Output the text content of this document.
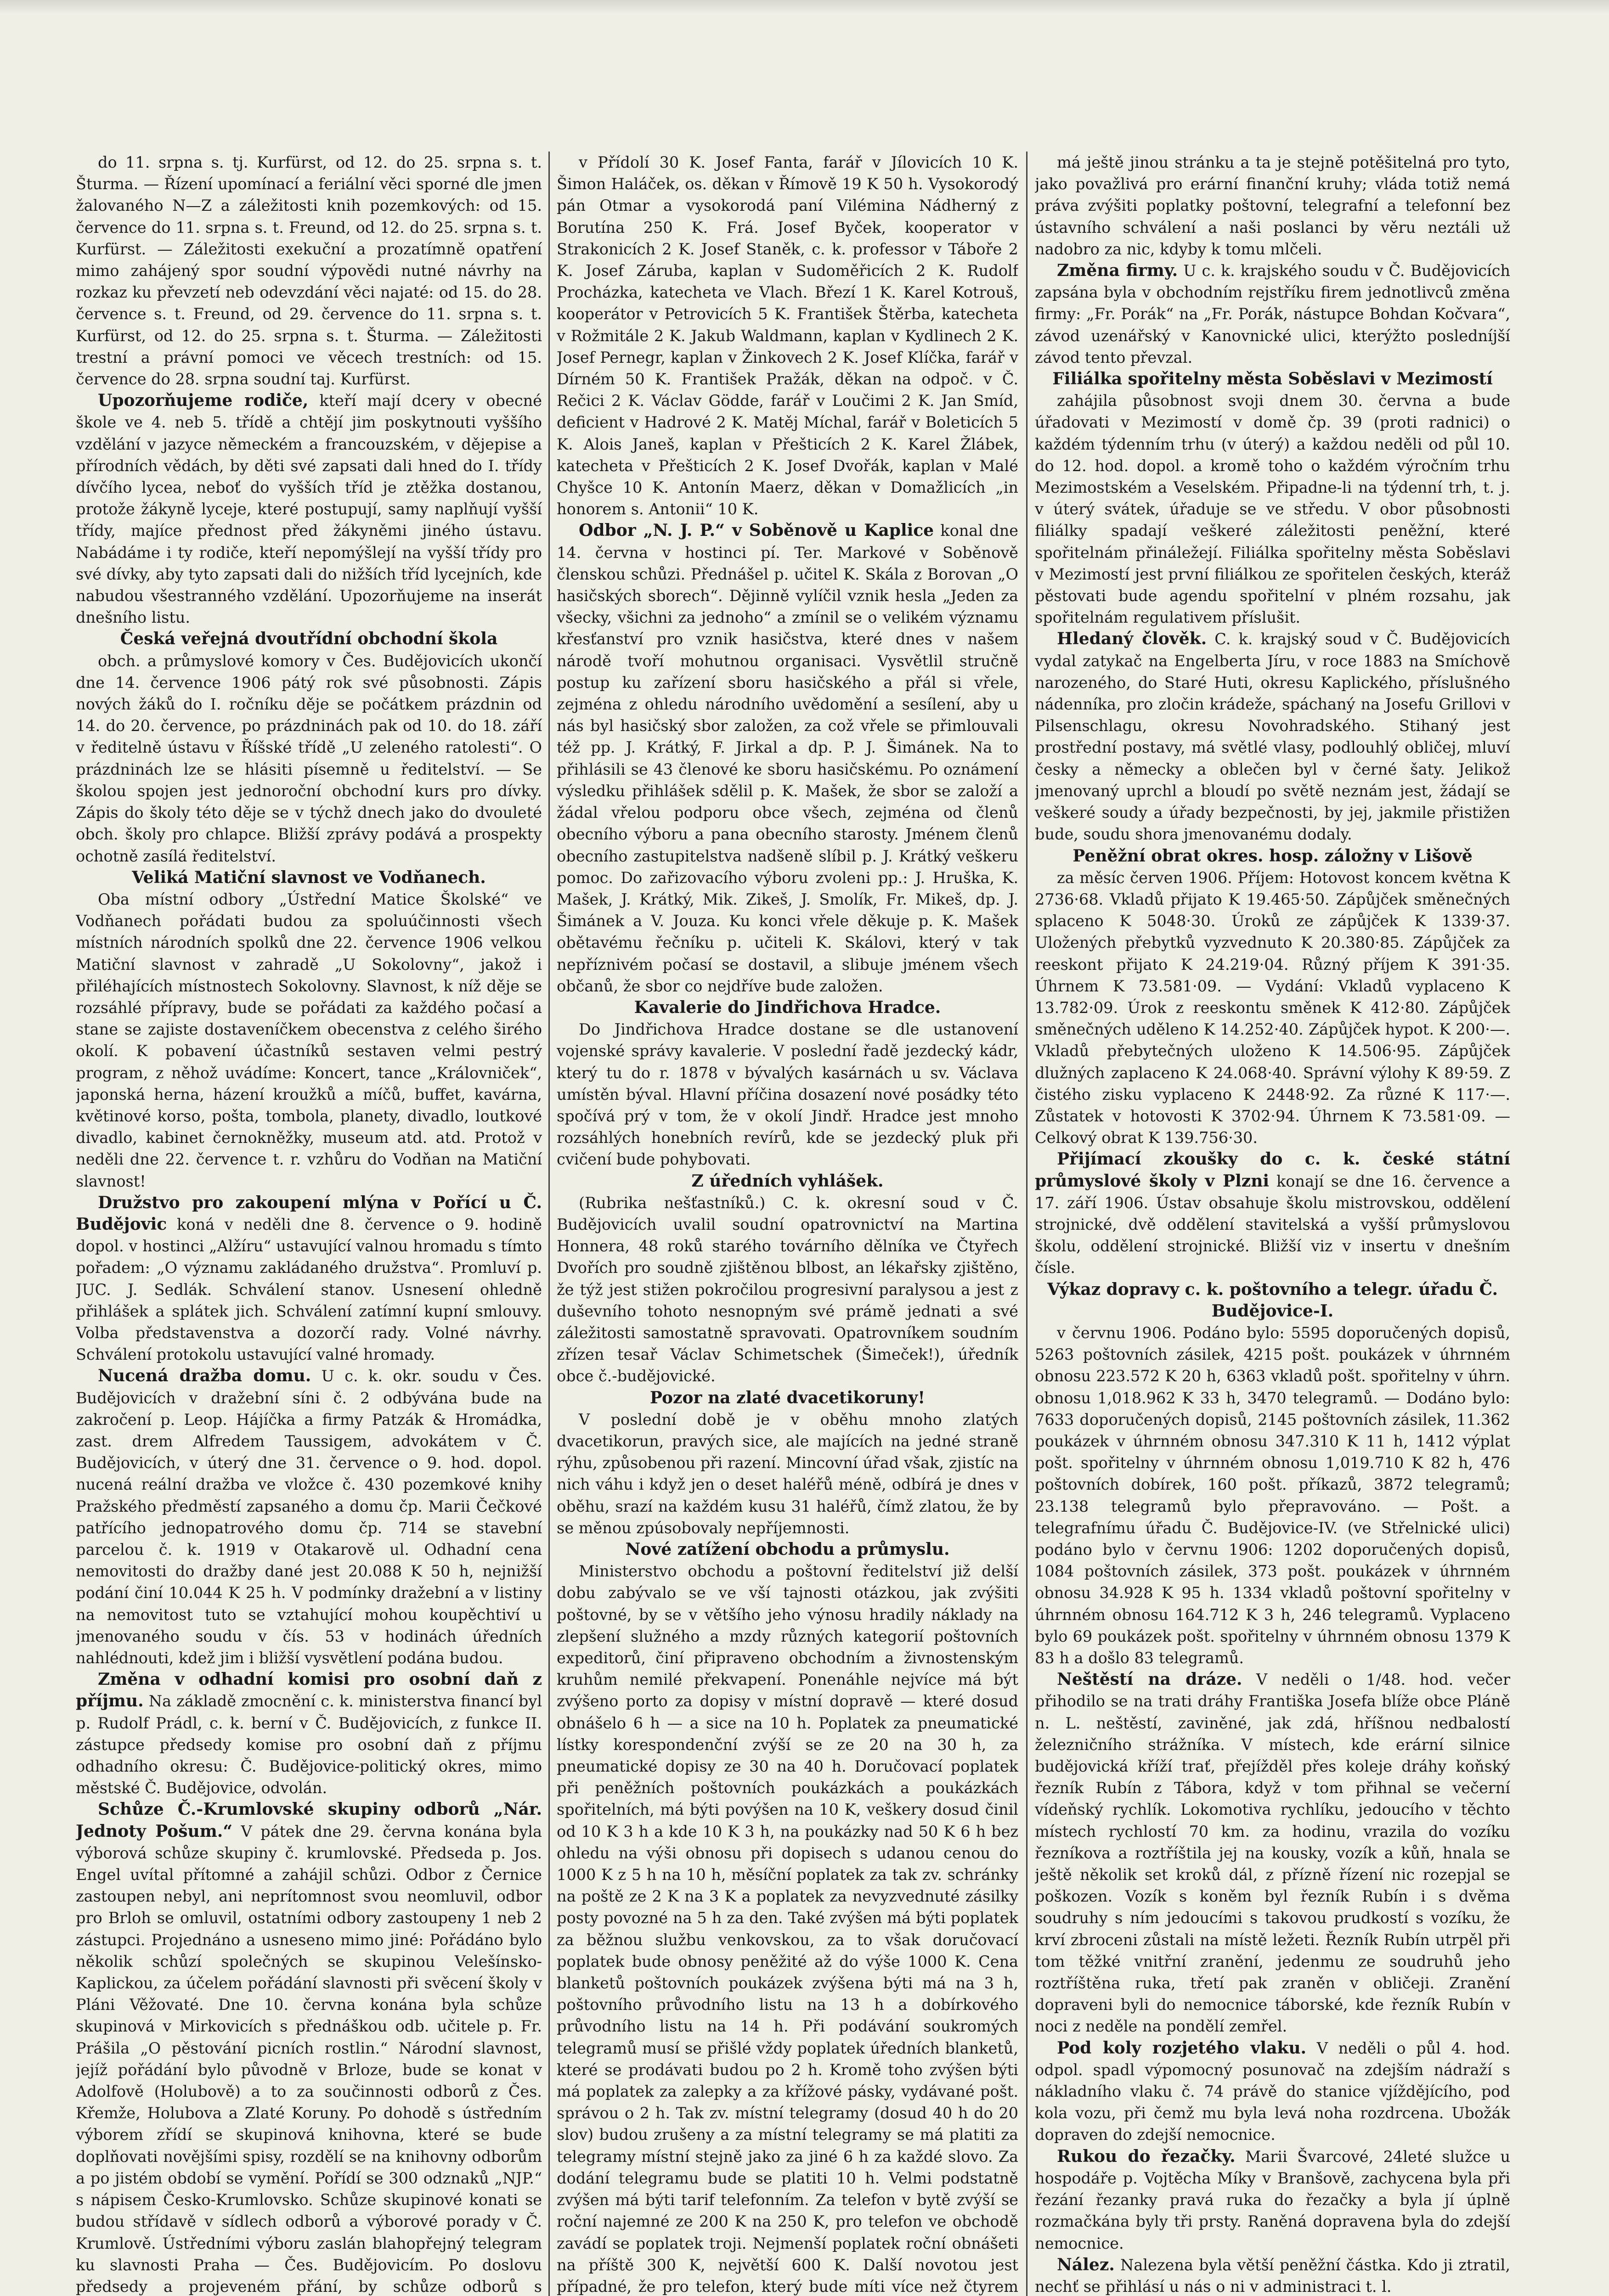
do 11. srpna s. tj. Kurfürst, od 12. do 25. srpna s. t. Šturma. — Řízení upomínací a feriální věci sporné dle jmen žalovaného N—Z a záležitosti knih pozemkových: od 15. července do 11. srpna s. t. Freund, od 12. do 25. srpna s. t. Kurfürst. — Záležitosti exekuční a prozatímně opatření mimo zahájený spor soudní výpovědi nutné návrhy na rozkaz ku převzetí neb odevzdání věci najaté: od 15. do 28. července s. t. Freund, od 29. července do 11. srpna s. t. Kurfürst, od 12. do 25. srpna s. t. Šturma. — Záležitosti trestní a právní pomoci ve věcech trestních: od 15. července do 28. srpna soudní taj. Kurfürst.

Upozorňujeme rodiče, kteří mají dcery v obecné škole ve 4. neb 5. třídě a chtějí jim poskytnouti vyššího vzdělání v jazyce německém a francouzském, v dějepise a přírodních vědách, by děti své zapsati dali hned do I. třídy dívčího lycea, neboť do vyšších tříd je ztěžka dostanou, protože žákyně lyceje, které postupují, samy naplňují vyšší třídy, majíce přednost před žákyněmi jiného ústavu. Nabádáme i ty rodiče, kteří nepomýšlejí na vyšší třídy pro své dívky, aby tyto zapsati dali do nižších tříd lycejních, kde nabudou všestranného vzdělání. Upozorňujeme na inserát dnešního listu.

Česká veřejná dvoutřídní obchodní škola

obch. a průmyslové komory v Čes. Budějovicích ukončí dne 14. července 1906 pátý rok své působnosti. Zápis nových žáků do I. ročníku děje se počátkem prázdnin od 14. do 20. července, po prázdninách pak od 10. do 18. září v ředitelně ústavu v Říšské třídě „U zeleného ratolesti“. O prázdninách lze se hlásiti písemně u ředitelství. — Se školou spojen jest jednoroční obchodní kurs pro dívky. Zápis do školy této děje se v týchž dnech jako do dvouleté obch. školy pro chlapce. Bližší zprávy podává a prospekty ochotně zasílá ředitelství.

Veliká Matiční slavnost ve Vodňanech.

Oba místní odbory „Ústřední Matice Školské“ ve Vodňanech pořádati budou za spoluúčinnosti všech místních národních spolků dne 22. července 1906 velkou Matiční slavnost v zahradě „U Sokolovny“, jakož i přiléhajících místnostech Sokolovny. Slavnost, k níž děje se rozsáhlé přípravy, bude se pořádati za každého počasí a stane se zajiste dostaveníčkem obecenstva z celého širého okolí. K pobavení účastníků sestaven velmi pestrý program, z něhož uvádíme: Koncert, tance „Královniček“, japonská herna, házení kroužků a míčů, buffet, kavárna, květinové korso, pošta, tombola, planety, divadlo, loutkové divadlo, kabinet černokněžky, museum atd. atd. Protož v neděli dne 22. července t. r. vzhůru do Vodňan na Matiční slavnost!

Družstvo pro zakoupení mlýna v Pořící u Č. Budějovic koná v neděli dne 8. července o 9. hodině dopol. v hostinci „Alžíru“ ustavující valnou hromadu s tímto pořadem: „O významu zakládaného družstva“. Promluví p. JUC. J. Sedlák. Schválení stanov. Usnesení ohledně přihlášek a splátek jich. Schválení zatímní kupní smlouvy. Volba představenstva a dozorčí rady. Volné návrhy. Schválení protokolu ustavující valné hromady.

Nucená dražba domu. U c. k. okr. soudu v Čes. Budějovicích v dražební síni č. 2 odbývána bude na zakročení p. Leop. Hájíčka a firmy Patzák & Hromádka, zast. drem Alfredem Taussigem, advokátem v Č. Budějovicích, v úterý dne 31. července o 9. hod. dopol. nucená reální dražba ve vložce č. 430 pozemkové knihy Pražského předměstí zapsaného a domu čp. Marii Čečkové patřícího jednopatrového domu čp. 714 se stavební parcelou č. k. 1919 v Otakarově ul. Odhadní cena nemovitosti do dražby dané jest 20.088 K 50 h, nejnižší podání činí 10.044 K 25 h. V podmínky dražební a v listiny na nemovitost tuto se vztahující mohou koupěchtiví u jmenovaného soudu v čís. 53 v hodinách úředních nahlédnouti, kdež jim i bližší vysvětlení podána budou.

Změna v odhadní komisi pro osobní daň z příjmu. Na základě zmocnění c. k. ministerstva financí byl p. Rudolf Prádl, c. k. berní v Č. Budějovicích, z funkce II. zástupce předsedy komise pro osobní daň z příjmu odhadního okresu: Č. Budějovice-politický okres, mimo městské Č. Budějovice, odvolán.

Schůze Č.-Krumlovské skupiny odborů „Nár. Jednoty Pošum.“ V pátek dne 29. června konána byla výborová schůze skupiny č. krumlovské. Předseda p. Jos. Engel uvítal přítomné a zahájil schůzi. Odbor z Černice zastoupen nebyl, ani neprítomnost svou neomluvil, odbor pro Brloh se omluvil, ostatními odbory zastoupeny 1 neb 2 zástupci. Projednáno a usneseno mimo jiné: Pořádáno bylo několik schůzí společných se skupinou Velešínsko-Kaplickou, za účelem pořádání slavnosti při svěcení školy v Pláni Věžovaté. Dne 10. června konána byla schůze skupinová v Mirkovicích s přednáškou odb. učitele p. Fr. Prášila „O pěstování picních rostlin.“ Národní slavnost, jejíž pořádání bylo původně v Brloze, bude se konat v Adolfově (Holubově) a to za součinnosti odborů z Čes. Křemže, Holubova a Zlaté Koruny. Po dohodě s ústředním výborem zřídí se skupinová knihovna, které se bude doplňovati novějšími spisy, rozdělí se na knihovny odborům a po jistém období se vymění. Pořídí se 300 odznaků „NJP.“ s nápisem Česko-Krumlovsko. Schůze skupinové konati se budou střídavě v sídlech odborů a výborové porady v Č. Krumlově. Ústředními výboru zaslán blahopřejný telegram ku slavnosti Praha — Čes. Budějovicím. Po doslovu předsedy a projeveném přání, by schůze odborů s

v Přídolí 30 K. Josef Fanta, farář v Jílovicích 10 K. Šimon Haláček, os. děkan v Římově 19 K 50 h. Vysokorodý pán Otmar a vysokorodá paní Vilémina Nádherný z Borutína 250 K. Frá. Josef Byček, kooperator v Strakonicích 2 K. Josef Staněk, c. k. professor v Táboře 2 K. Josef Záruba, kaplan v Sudoměřicích 2 K. Rudolf Procházka, katecheta ve Vlach. Březí 1 K. Karel Kotrouš, kooperátor v Petrovicích 5 K. František Štěrba, katecheta v Rožmitále 2 K. Jakub Waldmann, kaplan v Kydlinech 2 K. Josef Pernegr, kaplan v Žinkovech 2 K. Josef Klíčka, farář v Dírném 50 K. František Pražák, děkan na odpoč. v Č. Rečici 2 K. Václav Gödde, farář v Loučimi 2 K. Jan Smíd, deficient v Hadrové 2 K. Matěj Míchal, farář v Boleticích 5 K. Alois Janeš, kaplan v Přešticích 2 K. Karel Žlábek, katecheta v Přešticích 2 K. Josef Dvořák, kaplan v Malé Chyšce 10 K. Antonín Maerz, děkan v Domažlicích „in honorem s. Antonii“ 10 K.

Odbor „N. J. P.“ v Soběnově u Kaplice konal dne 14. června v hostinci pí. Ter. Markové v Soběnově členskou schůzi. Přednášel p. učitel K. Skála z Borovan „O hasičských sborech“. Dějinně vylíčil vznik hesla „Jeden za všecky, všichni za jednoho“ a zmínil se o velikém významu křesťanství pro vznik hasičstva, které dnes v našem národě tvoří mohutnou organisaci. Vysvětlil stručně postup ku zařízení sboru hasičského a přál si vřele, zejména z ohledu národního uvědomění a sesílení, aby u nás byl hasičský sbor založen, za což vřele se přimlouvali též pp. J. Krátký, F. Jirkal a dp. P. J. Šimánek. Na to přihlásili se 43 členové ke sboru hasičskému. Po oznámení výsledku přihlášek sdělil p. K. Mašek, že sbor se založí a žádal vřelou podporu obce všech, zejména od členů obecního výboru a pana obecního starosty. Jménem členů obecního zastupitelstva nadšeně slíbil p. J. Krátký veškeru pomoc. Do zařizovacího výboru zvoleni pp.: J. Hruška, K. Mašek, J. Krátký, Mik. Zikeš, J. Smolík, Fr. Mikeš, dp. J. Šimánek a V. Jouza. Ku konci vřele děkuje p. K. Mašek obětavému řečníku p. učiteli K. Skálovi, který v tak nepříznivém počasí se dostavil, a slibuje jménem všech občanů, že sbor co nejdříve bude založen.

Kavalerie do Jindřichova Hradce.

Do Jindřichova Hradce dostane se dle ustanovení vojenské správy kavalerie. V poslední řadě jezdecký kádr, který tu do r. 1878 v bývalých kasárnách u sv. Václava umístěn býval. Hlavní příčina dosazení nové posádky této spočívá prý v tom, že v okolí Jindř. Hradce jest mnoho rozsáhlých honebních revírů, kde se jezdecký pluk při cvičení bude pohybovati.

Z úředních vyhlášek.

(Rubrika nešťastníků.) C. k. okresní soud v Č. Budějovicích uvalil soudní opatrovnictví na Martina Honnera, 48 roků starého továrního dělníka ve Čtyřech Dvořích pro soudně zjištěnou blbost, an lékařsky zjištěno, že týž jest stižen pokročilou progresivní paralysou a jest z duševního tohoto nesnopným své prámě jednati a své záležitosti samostatně spravovati. Opatrovníkem soudním zřízen tesař Václav Schimetschek (Šimeček!), úředník obce č.-budějovické.

Pozor na zlaté dvacetikoruny!

V poslední době je v oběhu mnoho zlatých dvacetikorun, pravých sice, ale majících na jedné straně rýhu, způsobenou při razení. Mincovní úřad však, zjistíc na nich váhu i když jen o deset haléřů méně, odbírá je dnes v oběhu, srazí na každém kusu 31 haléřů, čímž zlatou, že by se měnou zpúsobovaly nepříjemnosti.

Nové zatížení obchodu a průmyslu.

Ministerstvo obchodu a poštovní ředitelství již delší dobu zabývalo se ve vší tajnosti otázkou, jak zvýšiti poštovné, by se v většího jeho výnosu hradily náklady na zlepšení služného a mzdy různých kategorií poštovních expeditorů, činí připraveno obchodním a živnostenským kruhům nemilé překvapení. Ponenáhle nejvíce má být zvýšeno porto za dopisy v místní dopravě — které dosud obnášelo 6 h — a sice na 10 h. Poplatek za pneumatické lístky korespondenční zvýší se ze 20 na 30 h, za pneumatické dopisy ze 30 na 40 h. Doručovací poplatek při peněžních poštovních poukázkách a poukázkách spořitelních, má býti povýšen na 10 K, veškery dosud činil od 10 K 3 h a kde 10 K 3 h, na poukázky nad 50 K 6 h bez ohledu na výši obnosu při dopisech s udanou cenou do 1000 K z 5 h na 10 h, měsíční poplatek za tak zv. schránky na poště ze 2 K na 3 K a poplatek za nevyzvednuté zásilky posty povozné na 5 h za den. Také zvýšen má býti poplatek za běžnou službu venkovskou, za to však doručovací poplatek bude obnosy peněžité až do výše 1000 K. Cena blanketů poštovních poukázek zvýšena býti má na 3 h, poštovního průvodního listu na 13 h a dobírkového průvodního listu na 14 h. Při podávání soukromých telegramů musí se přišlé vždy poplatek úředních blanketů, které se prodávati budou po 2 h. Kromě toho zvýšen býti má poplatek za zalepky a za křížové pásky, vydávané pošt. správou o 2 h. Tak zv. místní telegramy (dosud 40 h do 20 slov) budou zrušeny a za místní telegramy se má platiti za telegramy místní stejně jako za jiné 6 h za každé slovo. Za dodání telegramu bude se platiti 10 h. Velmi podstatně zvýšen má býti tarif telefonním. Za telefon v bytě zvýší se roční najemné ze 200 K na 250 K, pro telefon ve obchodě zavádí se poplatek troji. Nejmenší poplatek roční obnášeti na příště 300 K, největší 600 K. Další novotou jest případné, že pro telefon, který bude míti více než čtyrem

má ještě jinou stránku a ta je stejně potěšitelná pro tyto, jako považlivá pro erární finanční kruhy; vláda totiž nemá práva zvýšiti poplatky poštovní, telegrafní a telefonní bez ústavního schválení a naši poslanci by věru neztáli už nadobro za nic, kdyby k tomu mlčeli.

Změna firmy. U c. k. krajského soudu v Č. Budějovicích zapsána byla v obchodním rejstříku firem jednotlivců změna firmy: „Fr. Porák“ na „Fr. Porák, nástupce Bohdan Kočvara“, závod uzenářský v Kanovnické ulici, kterýžto posledníjší závod tento převzal.

Filiálka spořitelny města Soběslavi v Mezimostí

zahájila působnost svoji dnem 30. června a bude úřadovati v Mezimostí v domě čp. 39 (proti radnici) o každém týdenním trhu (v úterý) a každou neděli od půl 10. do 12. hod. dopol. a kromě toho o každém výročním trhu Mezimostském a Veselském. Připadne-li na týdenní trh, t. j. v úterý svátek, úřaduje se ve středu. V obor působnosti filiálky spadají veškeré záležitosti peněžní, které spořitelnám přináležejí. Filiálka spořitelny města Soběslavi v Mezimostí jest první filiálkou ze spořitelen českých, kteráž pěstovati bude agendu spořitelní v plném rozsahu, jak spořitelnám regulativem příslušit.

Hledaný člověk. C. k. krajský soud v Č. Budějovicích vydal zatykač na Engelberta Jíru, v roce 1883 na Smíchově narozeného, do Staré Huti, okresu Kaplického, příslušného nádenníka, pro zločin krádeže, spáchaný na Josefu Grillovi v Pilsenschlagu, okresu Novohradského. Stihaný jest prostřední postavy, má světlé vlasy, podlouhlý obličej, mluví česky a německy a oblečen byl v černé šaty. Jelikož jmenovaný uprchl a bloudí po světě neznám jest, žádají se veškeré soudy a úřady bezpečnosti, by jej, jakmile přistižen bude, soudu shora jmenovanému dodaly.

Peněžní obrat okres. hosp. záložny v Lišově

za měsíc červen 1906. Příjem: Hotovost koncem května K 2736·68. Vkladů přijato K 19.465·50. Zápůjček směnečných splaceno K 5048·30. Úroků ze zápůjček K 1339·37. Uložených přebytků vyzvednuto K 20.380·85. Zápůjček za reeskont přijato K 24.219·04. Různý příjem K 391·35. Úhrnem K 73.581·09. — Vydání: Vkladů vyplaceno K 13.782·09. Úrok z reeskontu směnek K 412·80. Zápůjček směnečných uděleno K 14.252·40. Zápůjček hypot. K 200·—. Vkladů přebytečných uloženo K 14.506·95. Zápůjček dlužných zaplaceno K 24.068·40. Správní výlohy K 89·59. Z čistého zisku vyplaceno K 2448·92. Za různé K 117·—. Zůstatek v hotovosti K 3702·94. Úhrnem K 73.581·09. — Celkový obrat K 139.756·30.

Přijímací zkoušky do c. k. české státní průmyslové školy v Plzni konají se dne 16. července a 17. září 1906. Ústav obsahuje školu mistrovskou, oddělení strojnické, dvě oddělení stavitelská a vyšší průmyslovou školu, oddělení strojnické. Bližší viz v insertu v dnešním čísle.

Výkaz dopravy c. k. poštovního a telegr. úřadu Č. Budějovice-I.

v červnu 1906. Podáno bylo: 5595 doporučených dopisů, 5263 poštovních zásilek, 4215 pošt. poukázek v úhrnném obnosu 223.572 K 20 h, 6363 vkladů pošt. spořitelny v úhrn. obnosu 1,018.962 K 33 h, 3470 telegramů. — Dodáno bylo: 7633 doporučených dopisů, 2145 poštovních zásilek, 11.362 poukázek v úhrnném obnosu 347.310 K 11 h, 1412 výplat pošt. spořitelny v úhrnném obnosu 1,019.710 K 82 h, 476 poštovních dobírek, 160 pošt. příkazů, 3872 telegramů; 23.138 telegramů bylo přepravováno. — Pošt. a telegrafnímu úřadu Č. Budějovice-IV. (ve Střelnické ulici) podáno bylo v červnu 1906: 1202 doporučených dopisů, 1084 poštovních zásilek, 373 pošt. poukázek v úhrnném obnosu 34.928 K 95 h. 1334 vkladů poštovní spořitelny v úhrnném obnosu 164.712 K 3 h, 246 telegramů. Vyplaceno bylo 69 poukázek pošt. spořitelny v úhrnném obnosu 1379 K 83 h a došlo 83 telegramů.

Neštěstí na dráze. V neděli o 1/48. hod. večer přihodilo se na trati dráhy Františka Josefa blíže obce Pláně n. L. neštěstí, zaviněné, jak zdá, hříšnou nedbalostí železničního strážníka. V místech, kde erární silnice budějovická kříží trať, přejížděl přes koleje dráhy koňský řezník Rubín z Tábora, když v tom přihnal se večerní vídeňský rychlík. Lokomotiva rychlíku, jedoucího v těchto místech rychlostí 70 km. za hodinu, vrazila do vozíku řezníkova a roztříštila jej na kousky, vozík a kůň, hnala se ještě několik set kroků dál, z přízně řízení nic rozepjal se poškozen. Vozík s koněm byl řezník Rubín i s dvěma soudruhy s ním jedoucími s takovou prudkostí s vozíku, že krví zbroceni zůstali na místě ležeti. Řezník Rubín utrpěl při tom těžké vnitřní zranění, jedenmu ze soudruhů jeho roztříštěna ruka, třetí pak zraněn v obličeji. Zranění dopraveni byli do nemocnice táborské, kde řezník Rubín v noci z neděle na pondělí zemřel.

Pod koly rozjetého vlaku. V neděli o půl 4. hod. odpol. spadl výpomocný posunovač na zdejším nádraží s nákladního vlaku č. 74 právě do stanice vjíždějícího, pod kola vozu, při čemž mu byla levá noha rozdrcena. Ubožák dopraven do zdejší nemocnice.

Rukou do řezačky. Marii Švarcové, 24leté služce u hospodáře p. Vojtěcha Míky v Branšově, zachycena byla při řezání řezanky pravá ruka do řezačky a byla jí úplně rozmačkána byly tři prsty. Raněná dopravena byla do zdejší nemocnice.

Nález. Nalezena byla větší peněžní částka. Kdo ji ztratil, nechť se přihlásí u nás o ni v administraci t. l.
